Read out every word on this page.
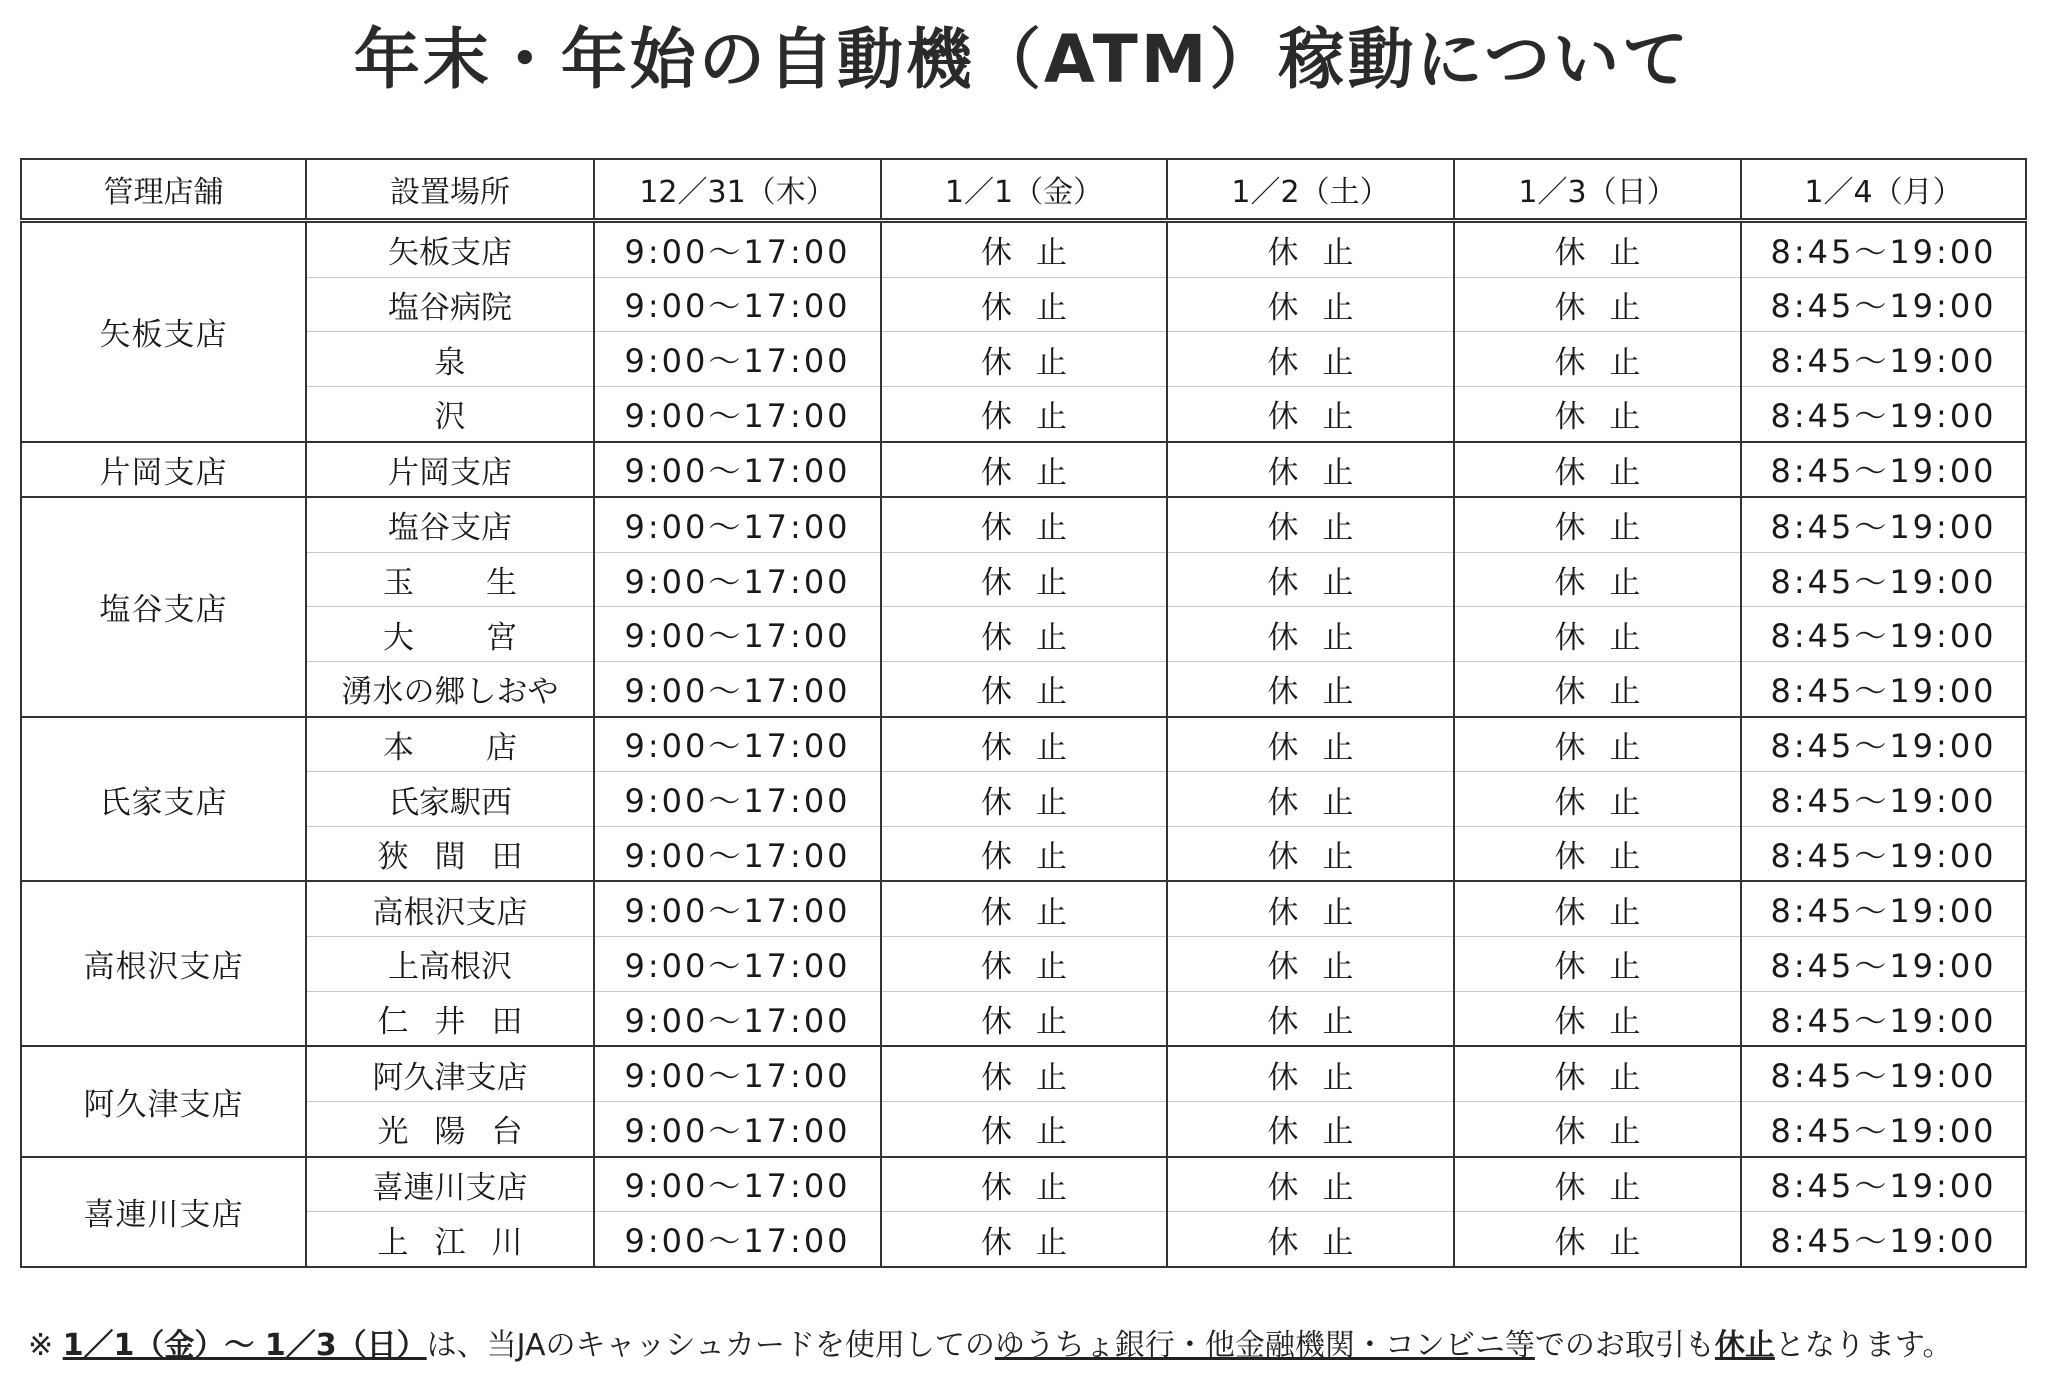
年末・年始の自動機（ATM）稼動について
管理店舗	設置場所	12／31（木）	1／1（金）	1／2（土）	1／3（日）	1／4（月）
矢板支店	矢板支店	9:00～17:00	休止	休止	休止	8:45～19:00
	塩谷病院	9:00～17:00	休止	休止	休止	8:45～19:00
	泉	9:00～17:00	休止	休止	休止	8:45～19:00
	沢	9:00～17:00	休止	休止	休止	8:45～19:00
片岡支店	片岡支店	9:00～17:00	休止	休止	休止	8:45～19:00
塩谷支店	塩谷支店	9:00～17:00	休止	休止	休止	8:45～19:00
	玉生	9:00～17:00	休止	休止	休止	8:45～19:00
	大宮	9:00～17:00	休止	休止	休止	8:45～19:00
	湧水の郷しおや	9:00～17:00	休止	休止	休止	8:45～19:00
氏家支店	本店	9:00～17:00	休止	休止	休止	8:45～19:00
	氏家駅西	9:00～17:00	休止	休止	休止	8:45～19:00
	狹間田	9:00～17:00	休止	休止	休止	8:45～19:00
高根沢支店	高根沢支店	9:00～17:00	休止	休止	休止	8:45～19:00
	上高根沢	9:00～17:00	休止	休止	休止	8:45～19:00
	仁井田	9:00～17:00	休止	休止	休止	8:45～19:00
阿久津支店	阿久津支店	9:00～17:00	休止	休止	休止	8:45～19:00
	光陽台	9:00～17:00	休止	休止	休止	8:45～19:00
喜連川支店	喜連川支店	9:00～17:00	休止	休止	休止	8:45～19:00
	上江川	9:00～17:00	休止	休止	休止	8:45～19:00
※ 1／1（金）～ 1／3（日）は、当JAのキャッシュカードを使用してのゆうちょ銀行・他金融機関・コンビニ等でのお取引も休止となります。
